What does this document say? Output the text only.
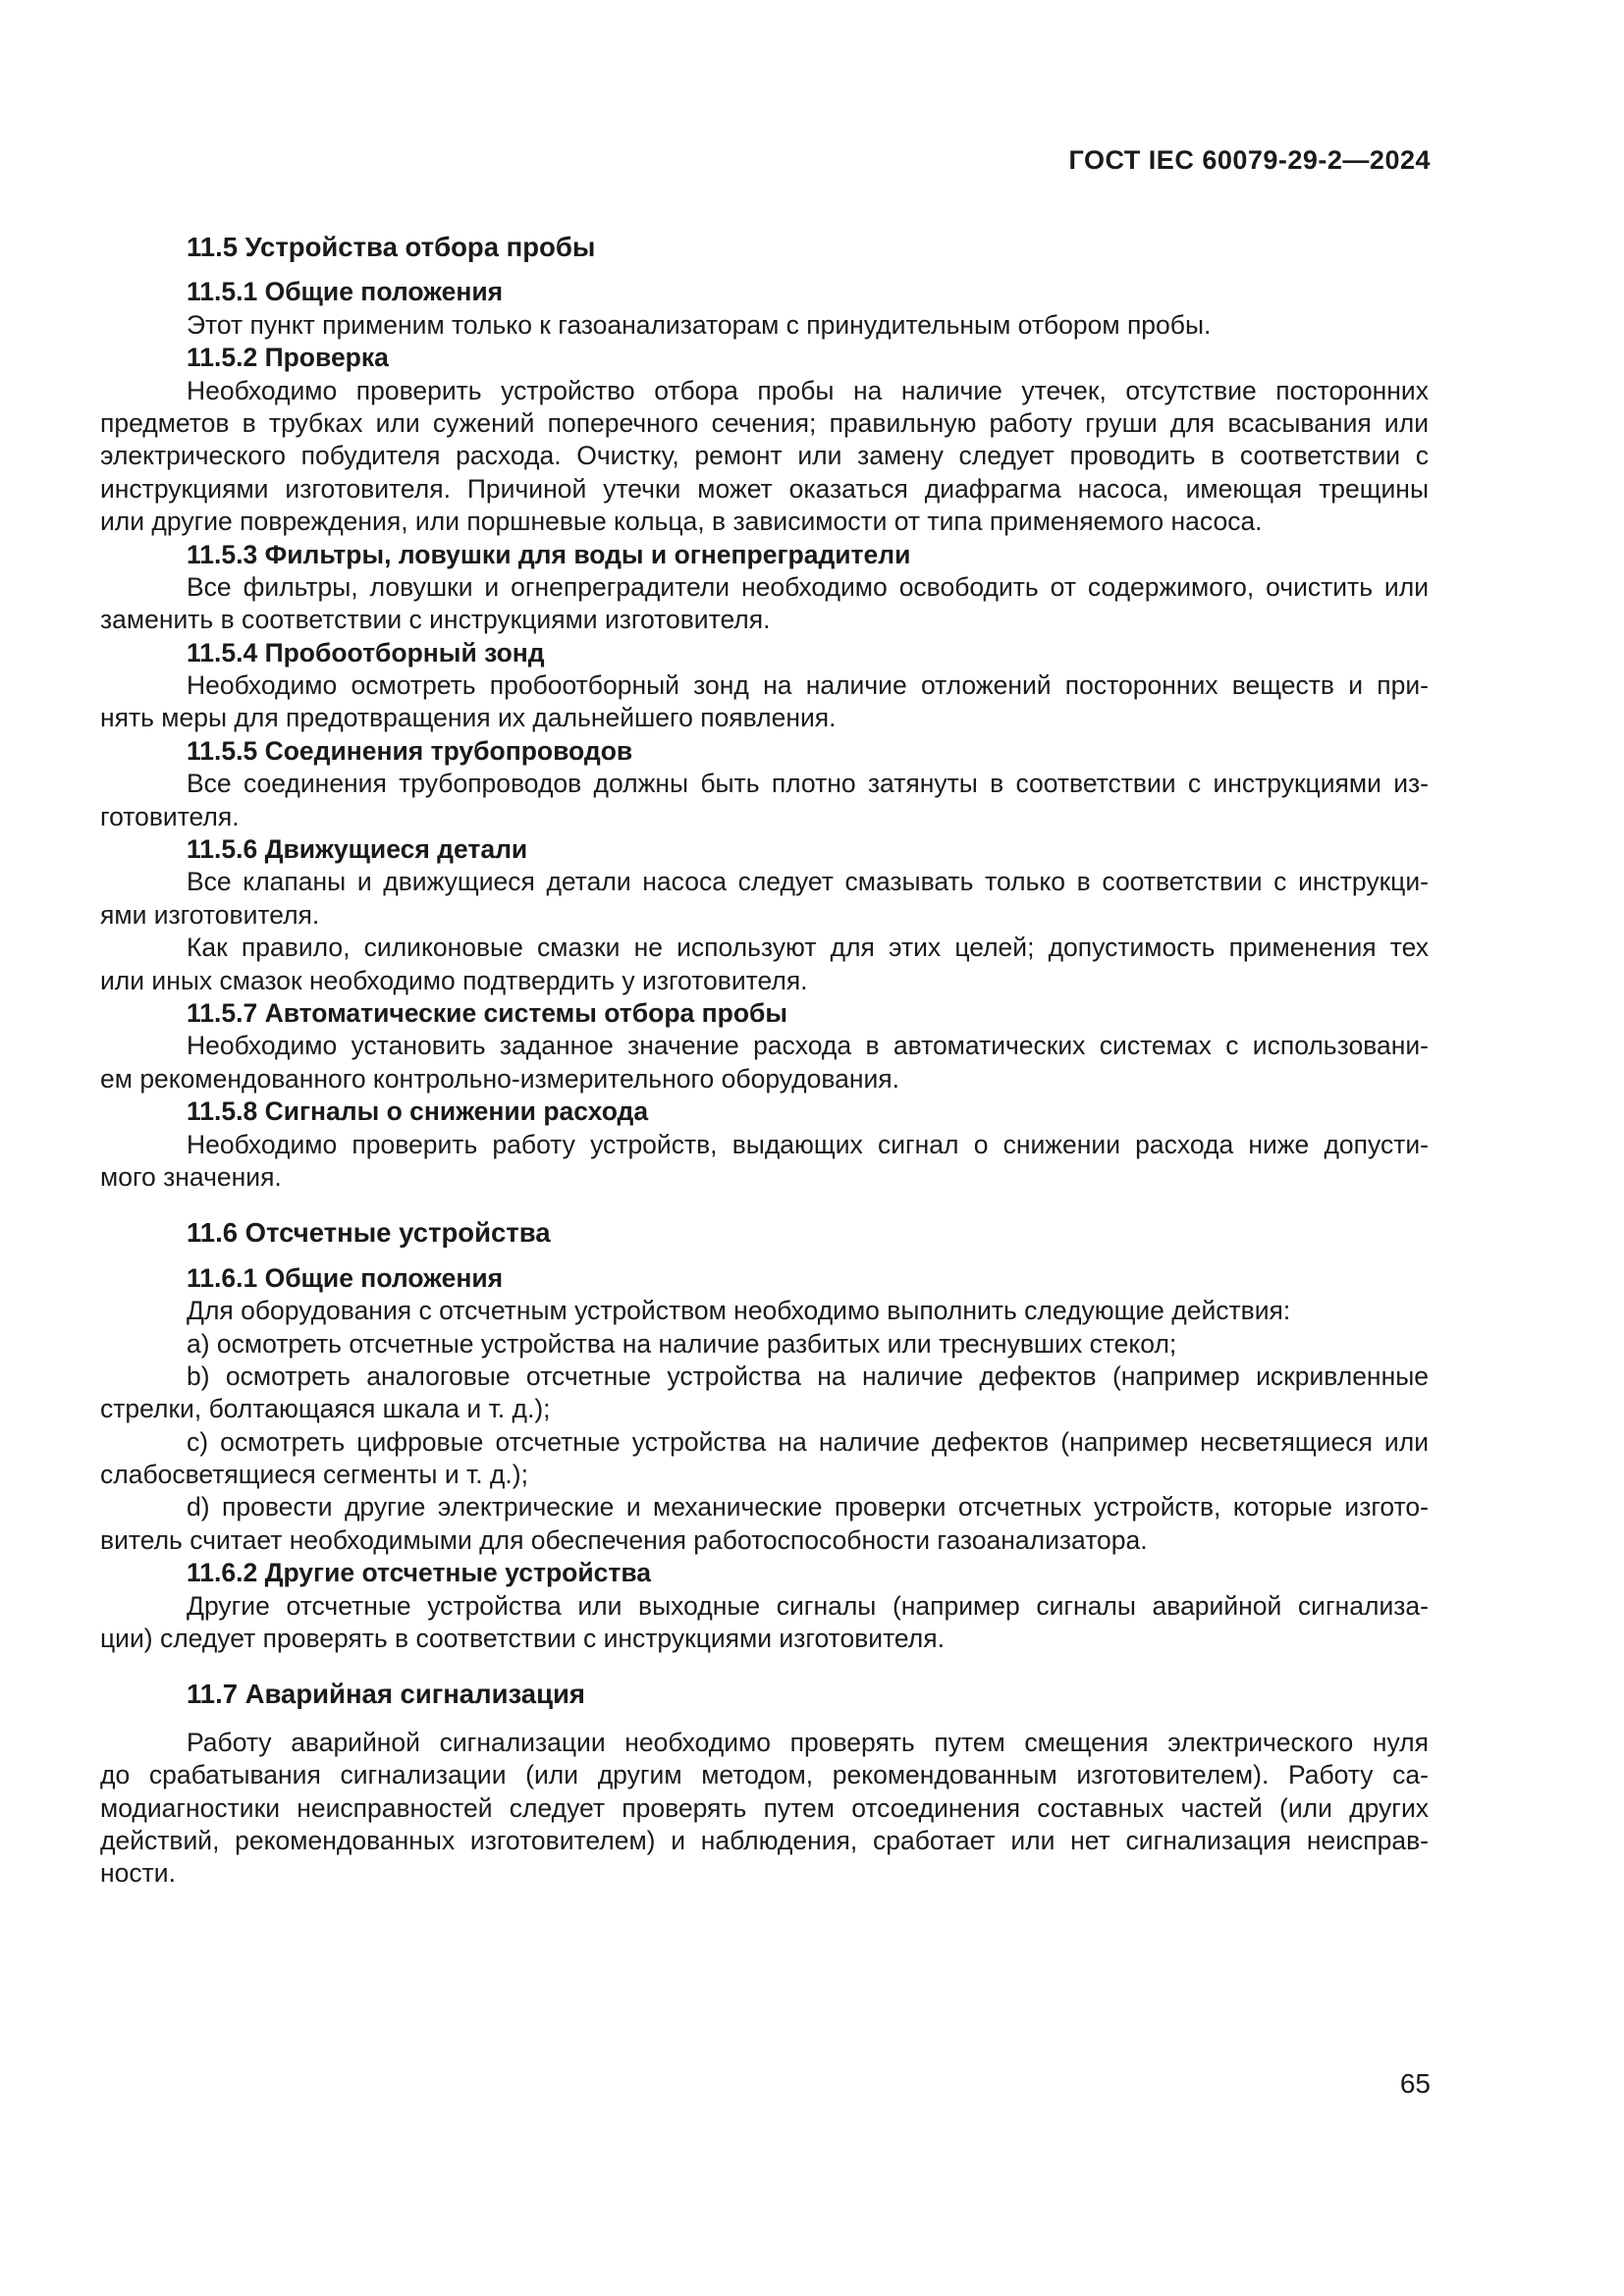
ГОСТ IEC 60079-29-2—2024
11.5 Устройства отбора пробы
11.5.1 Общие положения
Этот пункт применим только к газоанализаторам с принудительным отбором пробы.
11.5.2 Проверка
Необходимо проверить устройство отбора пробы на наличие утечек, отсутствие посторонних
предметов в трубках или сужений поперечного сечения; правильную работу груши для всасывания или
электрического побудителя расхода. Очистку, ремонт или замену следует проводить в соответствии с
инструкциями изготовителя. Причиной утечки может оказаться диафрагма насоса, имеющая трещины
или другие повреждения, или поршневые кольца, в зависимости от типа применяемого насоса.
11.5.3 Фильтры, ловушки для воды и огнепреградители
Все фильтры, ловушки и огнепреградители необходимо освободить от содержимого, очистить или
заменить в соответствии с инструкциями изготовителя.
11.5.4 Пробоотборный зонд
Необходимо осмотреть пробоотборный зонд на наличие отложений посторонних веществ и при-
нять меры для предотвращения их дальнейшего появления.
11.5.5 Соединения трубопроводов
Все соединения трубопроводов должны быть плотно затянуты в соответствии с инструкциями из-
готовителя.
11.5.6 Движущиеся детали
Все клапаны и движущиеся детали насоса следует смазывать только в соответствии с инструкци-
ями изготовителя.
Как правило, силиконовые смазки не используют для этих целей; допустимость применения тех
или иных смазок необходимо подтвердить у изготовителя.
11.5.7 Автоматические системы отбора пробы
Необходимо установить заданное значение расхода в автоматических системах с использовани-
ем рекомендованного контрольно-измерительного оборудования.
11.5.8 Сигналы о снижении расхода
Необходимо проверить работу устройств, выдающих сигнал о снижении расхода ниже допусти-
мого значения.
11.6 Отсчетные устройства
11.6.1 Общие положения
Для оборудования с отсчетным устройством необходимо выполнить следующие действия:
a) осмотреть отсчетные устройства на наличие разбитых или треснувших стекол;
b) осмотреть аналоговые отсчетные устройства на наличие дефектов (например искривленные
стрелки, болтающаяся шкала и т. д.);
c) осмотреть цифровые отсчетные устройства на наличие дефектов (например несветящиеся или
слабосветящиеся сегменты и т. д.);
d) провести другие электрические и механические проверки отсчетных устройств, которые изгото-
витель считает необходимыми для обеспечения работоспособности газоанализатора.
11.6.2 Другие отсчетные устройства
Другие отсчетные устройства или выходные сигналы (например сигналы аварийной сигнализа-
ции) следует проверять в соответствии с инструкциями изготовителя.
11.7 Аварийная сигнализация
Работу аварийной сигнализации необходимо проверять путем смещения электрического нуля
до срабатывания сигнализации (или другим методом, рекомендованным изготовителем). Работу са-
модиагностики неисправностей следует проверять путем отсоединения составных частей (или других
действий, рекомендованных изготовителем) и наблюдения, сработает или нет сигнализация неисправ-
ности.
65
